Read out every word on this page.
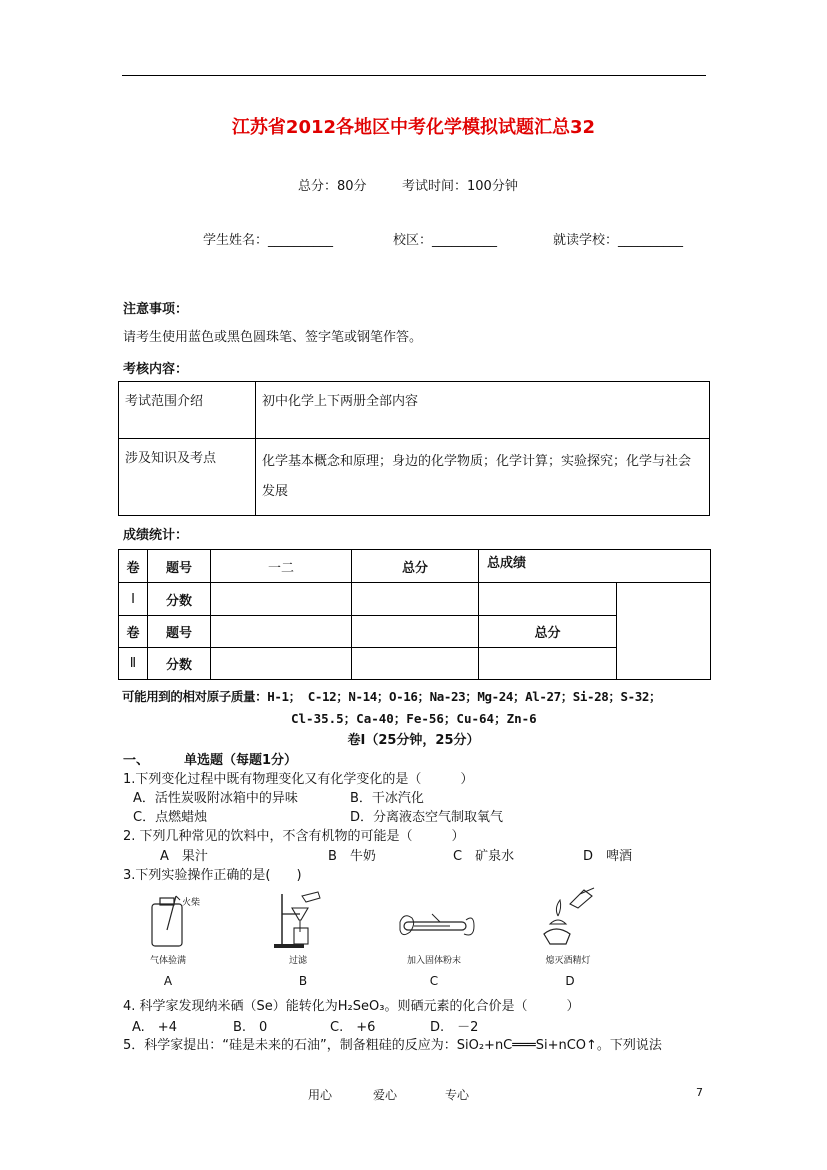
江苏省2012各地区中考化学模拟试题汇总32
总分：80分	考试时间：100分钟
学生姓名：__________	校区：__________	就读学校：__________
注意事项：
请考生使用蓝色或黑色圆珠笔、签字笔或钢笔作答。
考核内容：
考试范围介绍	初中化学上下两册全部内容
涉及知识及考点	化学基本概念和原理；身边的化学物质；化学计算；实验探究；化学与社会发展
成绩统计：
卷	题号	一二	总分	总成绩	
Ⅰ	分数				
卷	题号			总分	
Ⅱ	分数				
可能用到的相对原子质量：H-1； C-12；N-14；O-16；Na-23；Mg-24；Al-27；Si-28；S-32；
Cl-35.5；Ca-40；Fe-56；Cu-64；Zn-6
卷Ⅰ（25分钟，25分）
一、	单选题（每题1分）
1.下列变化过程中既有物理变化又有化学变化的是（　　　）
A．活性炭吸附冰箱中的异味	B．干冰汽化
C．点燃蜡烛	D．分离液态空气制取氧气
2. 下列几种常见的饮料中，不含有机物的可能是（　　　）
A　果汁	B　牛奶	C　矿泉水	D　啤酒
3.下列实验操作正确的是(　　)
火柴
气体验满
A
过滤
B
加入固体粉末
C
熄灭酒精灯
D
4. 科学家发现纳米硒（Se）能转化为H₂SeO₃。则硒元素的化合价是（　　　）
A.　+4	B.　0	C.　+6	D.　－2
5．科学家提出：“硅是未来的石油”，制备粗硅的反应为：SiO₂+nC═══Si+nCO↑。下列说法
用心	爱心	专心	7
